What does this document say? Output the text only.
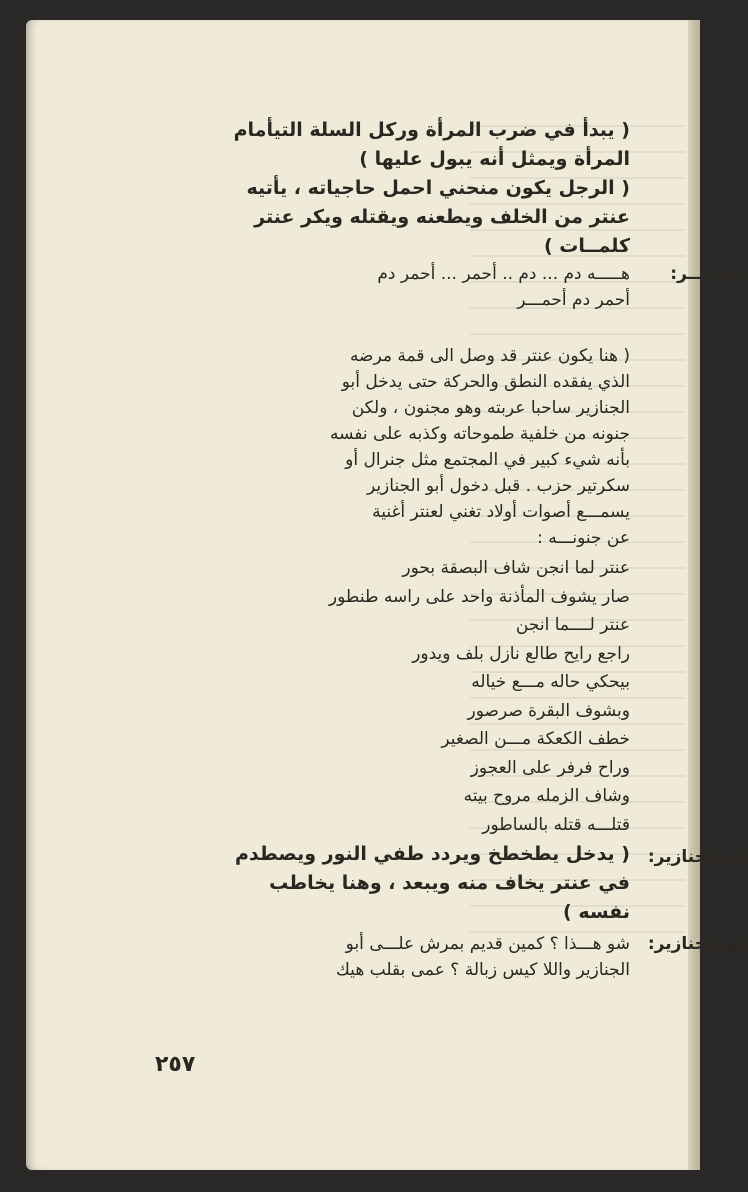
( يبدأ في ضرب المرأة وركل السلة التيأمام
المرأة ويمثل أنه يبول عليها )
( الرجل يكون منحني احمل حاجياته ، يأتيه
عنتر من الخلف ويطعنه ويقتله ويكر عنتر
كلمــات )
عنتــــــر:
هـــــه دم ... دم .. أحمر ... أحمر دم
أحمر دم أحمـــر
( هنا يكون عنتر قد وصل الى قمة مرضه
الذي يفقده النطق والحركة حتى يدخل أبو
الجنازير ساحبا عربته وهو مجنون ، ولكن
جنونه من خلفية طموحاته وكذبه على نفسه
بأنه شيء كبير في المجتمع مثل جنرال أو
سكرتير حزب . قبل دخول أبو الجنازير
يسمـــع أصوات أولاد تغني لعنتر أغنية
عن جنونـــه :
عنتر لما انجن شاف البصقة بحور
صار يشوف المأذنة واحد على راسه طنطور
عنتر لــــما انجن
راجع رايح طالع نازل بلف ويدور
بيحكي حاله مـــع خياله
وبشوف البقرة صرصور
خطف الكعكة مـــن الصغير
وراح فرفر على العجوز
وشاف الزمله مروح بيته
قتلـــه قتله بالساطور
أبو الجنازير:
( يدخل يطخطخ ويردد طفي النور ويصطدم
في عنتر يخاف منه ويبعد ، وهنا يخاطب
نفسه )
أبو الجنازير:
شو هـــذا ؟ كمين قديم بمرش علـــى أبو
الجنازير واللا كيس زبالة ؟ عمى بقلب هيك
٢٥٧
